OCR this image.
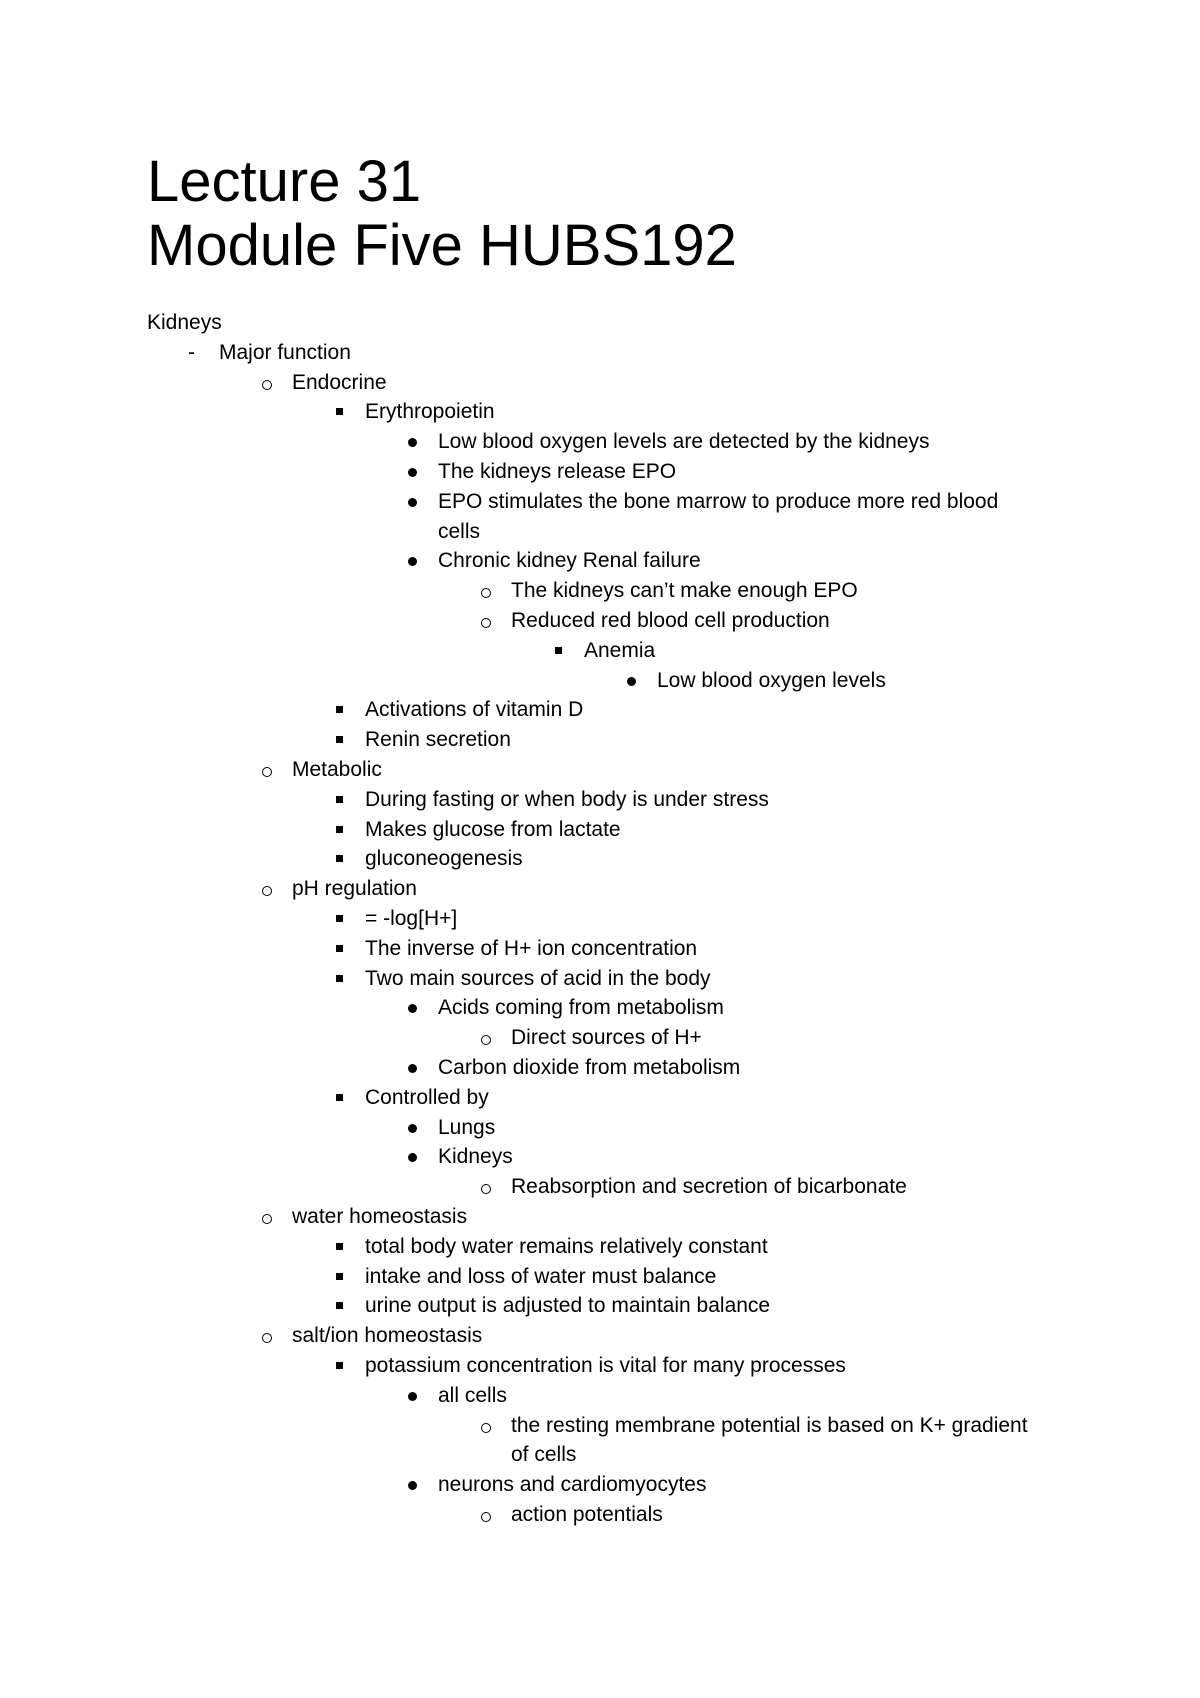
Lecture 31
Module Five HUBS192
Kidneys
Major function
Endocrine
Erythropoietin
Low blood oxygen levels are detected by the kidneys
The kidneys release EPO
EPO stimulates the bone marrow to produce more red blood
cells
Chronic kidney Renal failure
The kidneys can’t make enough EPO
Reduced red blood cell production
Anemia
Low blood oxygen levels
Activations of vitamin D
Renin secretion
Metabolic
During fasting or when body is under stress
Makes glucose from lactate
gluconeogenesis
pH regulation
= -log[H+]
The inverse of H+ ion concentration
Two main sources of acid in the body
Acids coming from metabolism
Direct sources of H+
Carbon dioxide from metabolism
Controlled by
Lungs
Kidneys
Reabsorption and secretion of bicarbonate
water homeostasis
total body water remains relatively constant
intake and loss of water must balance
urine output is adjusted to maintain balance
salt/ion homeostasis
potassium concentration is vital for many processes
all cells
the resting membrane potential is based on K+ gradient
of cells
neurons and cardiomyocytes
action potentials
